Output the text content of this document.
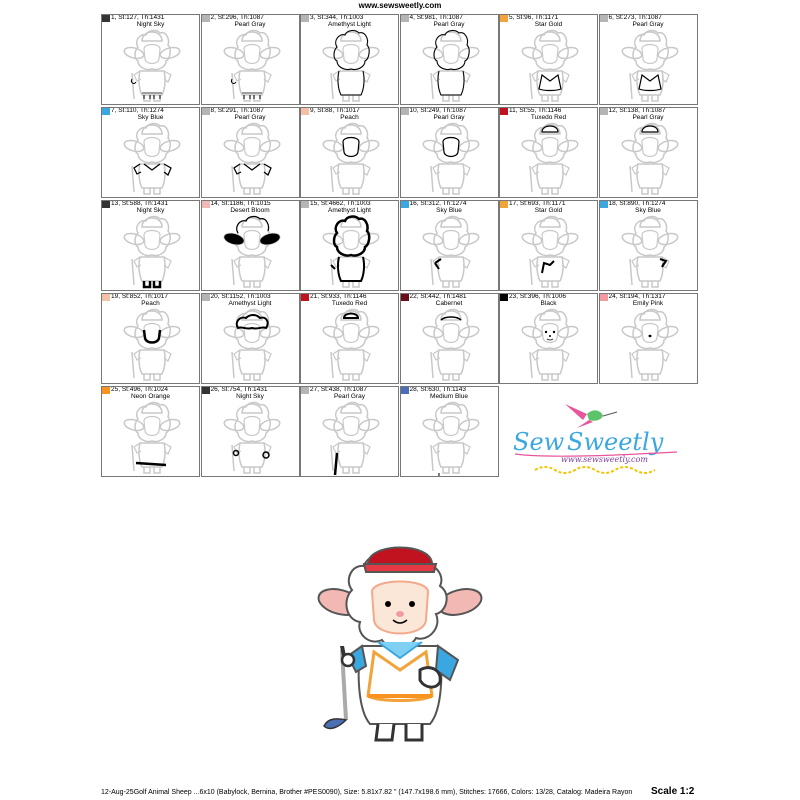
www.sewsweetly.com
1, St:127, Th:1431
Night Sky
2, St:296, Th:1087
Pearl Gray
3, St:344, Th:1003
Amethyst Light
4, St:981, Th:1087
Pearl Gray
5, St:96, Th:1171
Star Gold
6, St:273, Th:1087
Pearl Gray
7, St:110, Th:1274
Sky Blue
8, St:291, Th:1087
Pearl Gray
9, St:88, Th:1017
Peach
10, St:249, Th:1087
Pearl Gray
11, St:55, Th:1146
Tuxedo Red
12, St:138, Th:1087
Pearl Gray
13, St:588, Th:1431
Night Sky
14, St:1186, Th:1015
Desert Bloom
15, St:4662, Th:1003
Amethyst Light
16, St:312, Th:1274
Sky Blue
17, St:693, Th:1171
Star Gold
18, St:890, Th:1274
Sky Blue
19, St:852, Th:1017
Peach
20, St:1152, Th:1003
Amethyst Light
21, St:933, Th:1146
Tuxedo Red
22, St:442, Th:1481
Cabernet
23, St:396, Th:1006
Black
24, St:194, Th:1317
Emily Pink
25, St:496, Th:1024
Neon Orange
26, St:754, Th:1431
Night Sky
27, St:438, Th:1087
Pearl Gray
28, St:630, Th:1143
Medium Blue
Sew Sweetly
www.sewsweetly.com
12-Aug-25Golf Animal Sheep ...6x10 (Babylock, Bernina, Brother #PES0090), Size: 5.81x7.82 " (147.7x198.6 mm), Stitches: 17666, Colors: 13/28, Catalog: Madeira Rayon Scale 1:2
